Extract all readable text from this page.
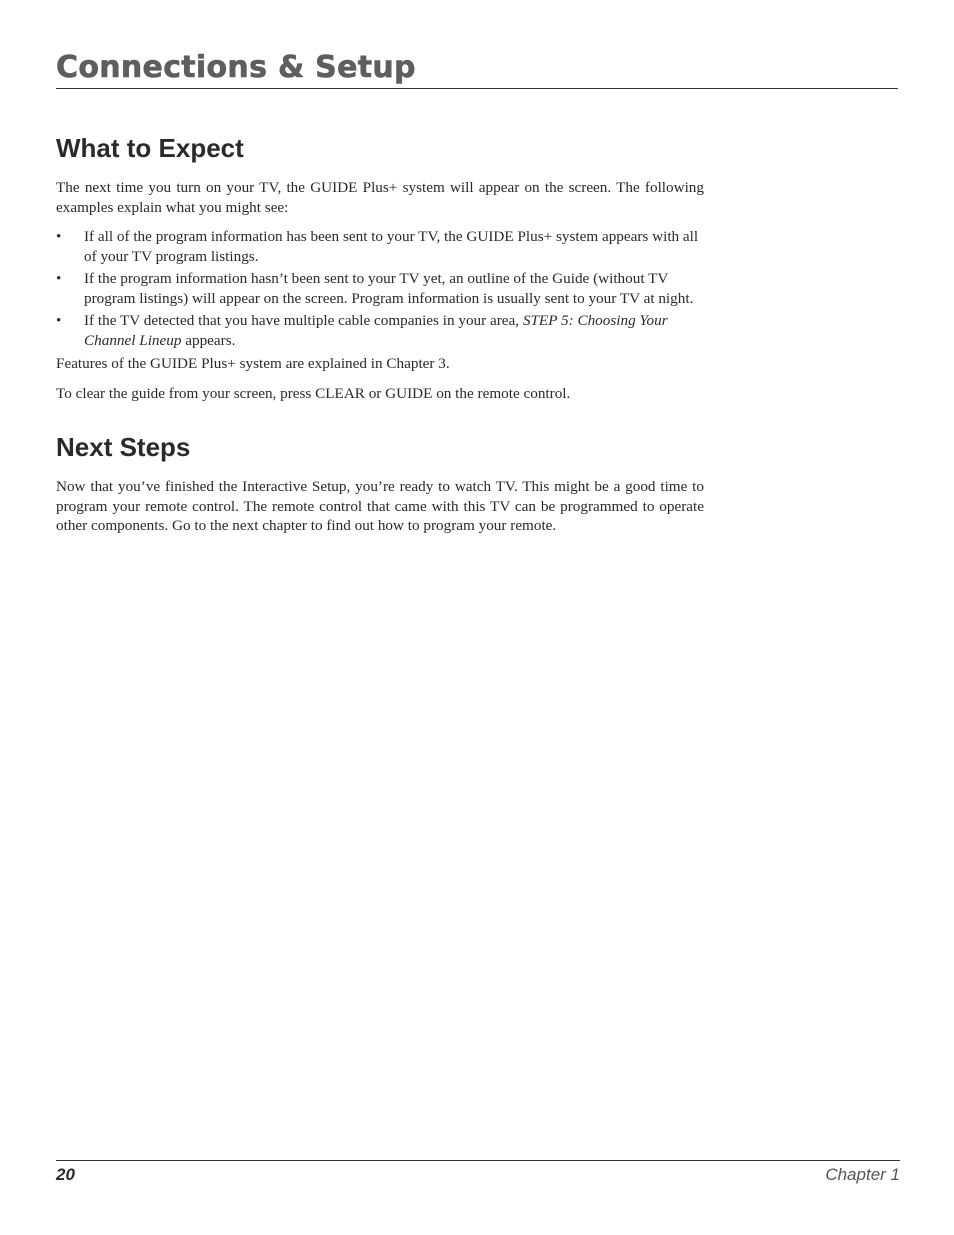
Connections & Setup
What to Expect

The next time you turn on your TV, the GUIDE Plus+ system will appear on the screen. The following examples explain what you might see:

• If all of the program information has been sent to your TV, the GUIDE Plus+ system appears with all of your TV program listings.
• If the program information hasn’t been sent to your TV yet, an outline of the Guide (without TV program listings) will appear on the screen. Program information is usually sent to your TV at night.
• If the TV detected that you have multiple cable companies in your area, STEP 5: Choosing Your Channel Lineup appears.

Features of the GUIDE Plus+ system are explained in Chapter 3.

To clear the guide from your screen, press CLEAR or GUIDE on the remote control.

Next Steps

Now that you’ve finished the Interactive Setup, you’re ready to watch TV. This might be a good time to program your remote control. The remote control that came with this TV can be programmed to operate other components. Go to the next chapter to find out how to program your remote.

20	Chapter 1
